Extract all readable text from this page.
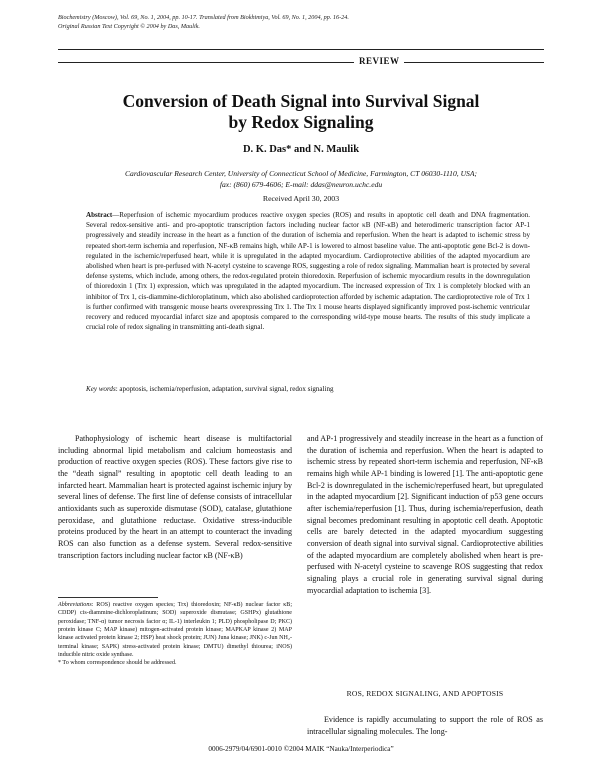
Biochemistry (Moscow), Vol. 69, No. 1, 2004, pp. 10-17. Translated from Biokhimiya, Vol. 69, No. 1, 2004, pp. 16-24.
Original Russian Text Copyright © 2004 by Das, Maulik.
REVIEW
Conversion of Death Signal into Survival Signal
by Redox Signaling
D. K. Das* and N. Maulik
Cardiovascular Research Center, University of Connecticut School of Medicine, Farmington, CT 06030-1110, USA;
fax: (860) 679-4606; E-mail: ddas@neuron.uchc.edu
Received April 30, 2003
Abstract—Reperfusion of ischemic myocardium produces reactive oxygen species (ROS) and results in apoptotic cell death and DNA fragmentation. Several redox-sensitive anti- and pro-apoptotic transcription factors including nuclear factor κB (NF-κB) and heterodimeric transcription factor AP-1 progressively and steadily increase in the heart as a function of the duration of ischemia and reperfusion. When the heart is adapted to ischemic stress by repeated short-term ischemia and reperfusion, NF-κB remains high, while AP-1 is lowered to almost baseline value. The anti-apoptotic gene Bcl-2 is down-regulated in the ischemic/reperfused heart, while it is upregulated in the adapted myocardium. Cardioprotective abilities of the adapted myocardium are abolished when heart is pre-perfused with N-acetyl cysteine to scavenge ROS, suggesting a role of redox signaling. Mammalian heart is protected by several defense systems, which include, among others, the redox-regulated protein thioredoxin. Reperfusion of ischemic myocardium results in the downregulation of thioredoxin 1 (Trx 1) expression, which was upregulated in the adapted myocardium. The increased expression of Trx 1 is completely blocked with an inhibitor of Trx 1, cis-diammine-dichloroplatinum, which also abolished cardioprotection afforded by ischemic adaptation. The cardioprotective role of Trx 1 is further confirmed with transgenic mouse hearts overexpressing Trx 1. The Trx 1 mouse hearts displayed significantly improved post-ischemic ventricular recovery and reduced myocardial infarct size and apoptosis compared to the corresponding wild-type mouse hearts. The results of this study implicate a crucial role of redox signaling in transmitting anti-death signal.
Key words: apoptosis, ischemia/reperfusion, adaptation, survival signal, redox signaling

Pathophysiology of ischemic heart disease is multifactorial including abnormal lipid metabolism and calcium homeostasis and production of reactive oxygen species (ROS). These factors give rise to the “death signal” resulting in apoptotic cell death leading to an infarcted heart. Mammalian heart is protected against ischemic injury by several lines of defense. The first line of defense consists of intracellular antioxidants such as superoxide dismutase (SOD), catalase, glutathione peroxidase, and glutathione reductase. Oxidative stress-inducible proteins produced by the heart in an attempt to counteract the invading ROS can also function as a defense system. Several redox-sensitive transcription factors including nuclear factor κB (NF-κB)

Abbreviations: ROS) reactive oxygen species; Trx) thioredoxin; NF-κB) nuclear factor κB; CDDP) cis-diammine-dichloroplatinum; SOD) superoxide dismutase; GSHPx) glutathione peroxidase; TNF-α) tumor necrosis factor α; IL-1) interleukin 1; PLD) phospholipase D; PKC) protein kinase C; MAP kinase) mitogen-activated protein kinase; MAPKAP kinase 2) MAP kinase activated protein kinase 2; HSP) heat shock protein; JUN) Juna kinase; JNK) c-Jun NH₂-terminal kinase; SAPK) stress-activated protein kinase; DMTU) dimethyl thiourea; iNOS) inducible nitric oxide synthase.
* To whom correspondence should be addressed.

and AP-1 progressively and steadily increase in the heart as a function of the duration of ischemia and reperfusion. When the heart is adapted to ischemic stress by repeated short-term ischemia and reperfusion, NF-κB remains high while AP-1 binding is lowered [1]. The anti-apoptotic gene Bcl-2 is downregulated in the ischemic/reperfused heart, but upregulated in the adapted myocardium [2]. Significant induction of p53 gene occurs after ischemia/reperfusion [1]. Thus, during ischemia/reperfusion, death signal becomes predominant resulting in apoptotic cell death. Apoptotic cells are barely detected in the adapted myocardium suggesting conversion of death signal into survival signal. Cardioprotective abilities of the adapted myocardium are completely abolished when heart is pre-perfused with N-acetyl cysteine to scavenge ROS suggesting that redox signaling plays a crucial role in generating survival signal during myocardial adaptation to ischemia [3].

ROS, REDOX SIGNALING, AND APOPTOSIS

Evidence is rapidly accumulating to support the role of ROS as intracellular signaling molecules. The long-

0006-2979/04/6901-0010 ©2004 MAIK “Nauka/Interperiodica”
